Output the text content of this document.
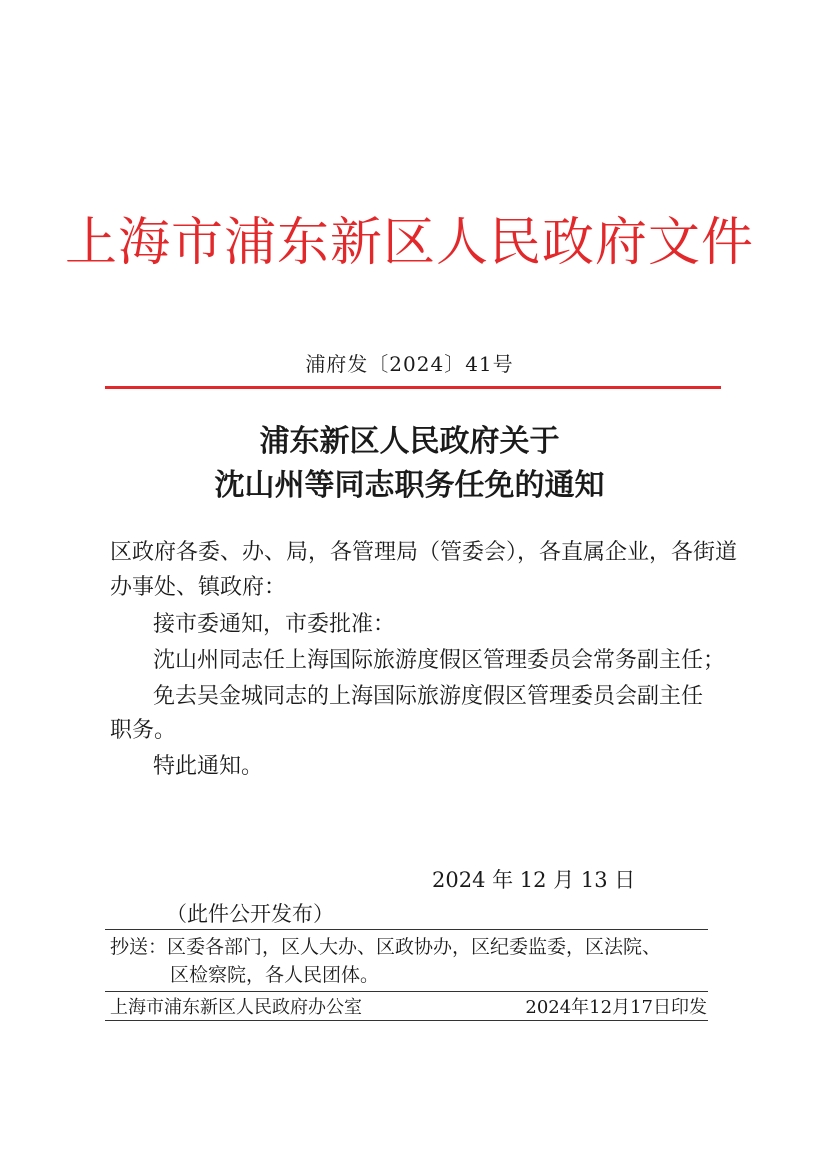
上海市浦东新区人民政府文件
浦府发〔2024〕41号
浦东新区人民政府关于
沈山州等同志职务任免的通知
区政府各委、办、局，各管理局（管委会），各直属企业，各街道
办事处、镇政府：
接市委通知，市委批准：
沈山州同志任上海国际旅游度假区管理委员会常务副主任；
免去吴金城同志的上海国际旅游度假区管理委员会副主任
职务。
特此通知。
2024 年 12 月 13 日
（此件公开发布）
抄送：区委各部门，区人大办、区政协办，区纪委监委，区法院、
区检察院，各人民团体。
上海市浦东新区人民政府办公室	2024年12月17日印发
